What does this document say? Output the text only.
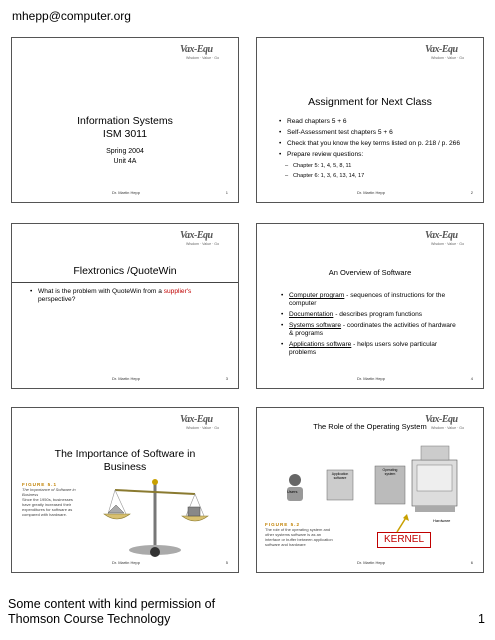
mhepp@computer.org
Vax-Equ
Wisdom · Value · Go
Information Systems
ISM 3011
Spring 2004
Unit 4A
Dr. Martin Hepp	1
Vax-Equ
Wisdom · Value · Go
Assignment for Next Class
• Read chapters 5 + 6
• Self-Assessment test chapters 5 + 6
• Check that you know the key terms listed on p. 218 / p. 266
• Prepare review questions:
– Chapter 5: 1, 4, 5, 8, 11
– Chapter 6: 1, 3, 6, 13, 14, 17
Dr. Martin Hepp	2
Vax-Equ
Wisdom · Value · Go
Flextronics /QuoteWin
• What is the problem with QuoteWin from a supplier's perspective?
Dr. Martin Hepp	3
Vax-Equ
Wisdom · Value · Go
An Overview of Software
• Computer program - sequences of instructions for the computer
• Documentation - describes program functions
• Systems software - coordinates the activities of hardware & programs
• Applications software - helps users solve particular problems
Dr. Martin Hepp	4
Vax-Equ
Wisdom · Value · Go
The Importance of Software in
Business
FIGURE 5.1
The Importance of Software in Business
Since the 1950s, businesses have greatly increased their expenditures for software as compared with hardware.
Dr. Martin Hepp	5
Vax-Equ
Wisdom · Value · Go
The Role of the Operating System
Users
Application software
Operating system
Hardware
KERNEL
FIGURE 5.2
The role of the operating system and other systems software is as an interface or buffer between application software and hardware
Dr. Martin Hepp	6
Some content with kind permission of
Thomson Course Technology	1
